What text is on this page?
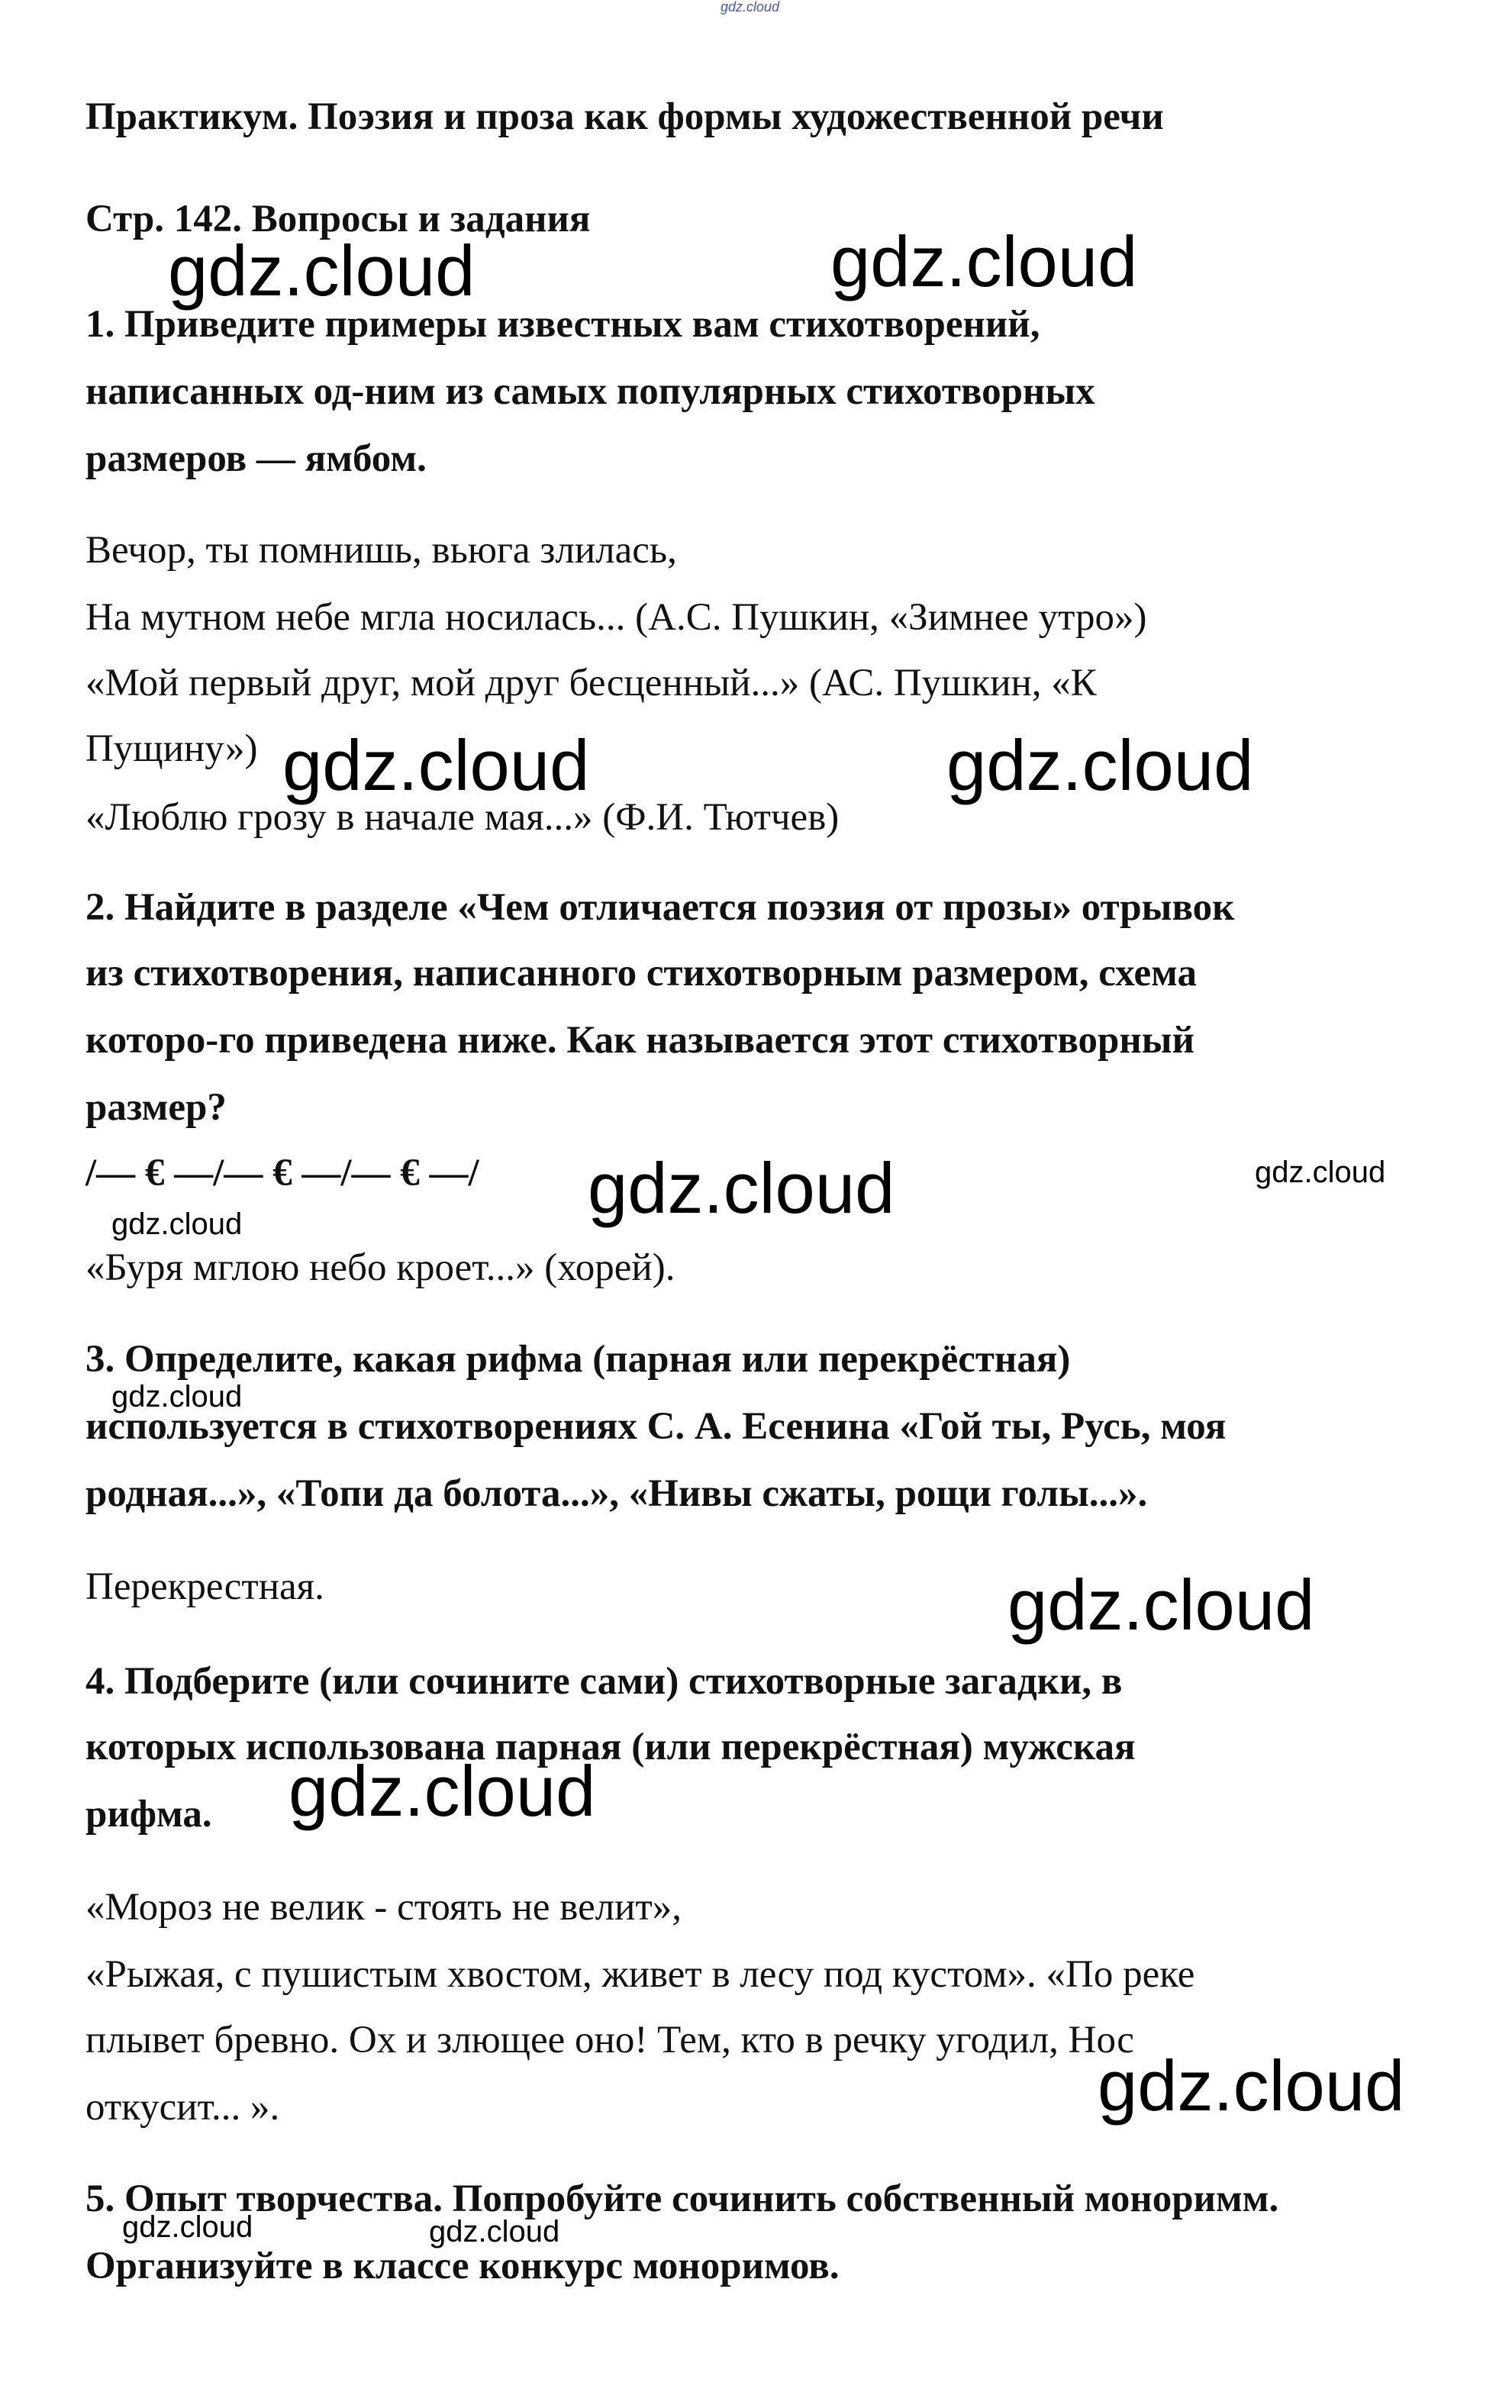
gdz.cloud
Практикум. Поэзия и проза как формы художественной речи
Стр. 142. Вопросы и задания
1. Приведите примеры известных вам стихотворений,
написанных од-ним из самых популярных стихотворных
размеров — ямбом.
Вечор, ты помнишь, вьюга злилась,
На мутном небе мгла носилась... (А.С. Пушкин, «Зимнее утро»)
«Мой первый друг, мой друг бесценный...» (АС. Пушкин, «К
Пущину»)
«Люблю грозу в начале мая...» (Ф.И. Тютчев)
2. Найдите в разделе «Чем отличается поэзия от прозы» отрывок
из стихотворения, написанного стихотворным размером, схема
которо-го приведена ниже. Как называется этот стихотворный
размер?
/— € —/— € —/— € —/
«Буря мглою небо кроет...» (хорей).
3. Определите, какая рифма (парная или перекрёстная)
используется в стихотворениях С. А. Есенина «Гой ты, Русь, моя
родная...», «Топи да болота...», «Нивы сжаты, рощи голы...».
Перекрестная.
4. Подберите (или сочините сами) стихотворные загадки, в
которых использована парная (или перекрёстная) мужская
рифма.
«Мороз не велик - стоять не велит»,
«Рыжая, с пушистым хвостом, живет в лесу под кустом». «По реке
плывет бревно. Ох и злющее оно! Тем, кто в речку угодил, Нос
откусит... ».
5. Опыт творчества. Попробуйте сочинить собственный моноримм.
Организуйте в классе конкурс моноримов.
gdz.cloud	gdz.cloud
gdz.cloud	gdz.cloud
gdz.cloud	gdz.cloud
gdz.cloud
gdz.cloud
gdz.cloud
gdz.cloud
gdz.cloud
gdz.cloud	gdz.cloud
